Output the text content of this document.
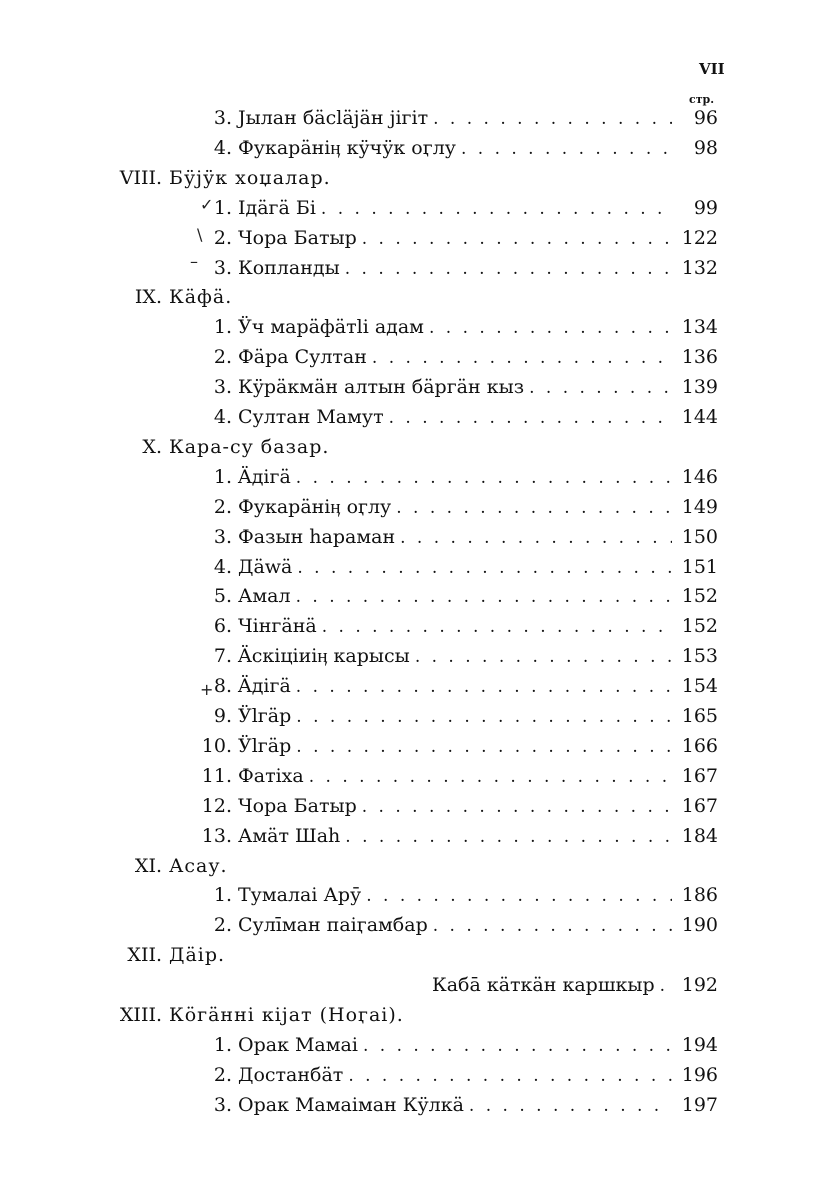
VII
стр.
3. Јылан бäсläјäн jiгiт . . .	96
4. Фукарäніӊ кӱчӱк оӷлу . . .	98
VIII. Бӱјӱк хоџалар.
1. Ідäгä Бі . . .	99
2. Чора Батыр . . .	122
3. Копланды . . .	132
IX. Кäфä.
1. Ӱч марäфäтlі адам . . .	134
2. Фäра Султан . . .	136
3. Кӱрäкмäн алтын бäргäн кыз . . .	139
4. Султан Мамут . . .	144
X. Кара-су базар.
1. Äдігä . . .	146
2. Фукарäніӊ оӷлу . . .	149
3. Фазын һараман . . .	150
4. Дäwä . . .	151
5. Амал . . .	152
6. Чінгäнä . . .	152
7. Äскіціиіӊ карысы . . .	153
8. Äдігä . . .	154
9. Ӱlгäр . . .	165
10. Ӱlгäр . . .	166
11. Фатіха . . .	167
12. Чора Батыр . . .	167
13. Амäт Шаһ . . .	184
XI. Асау.
1. Тумалаі Арӯ . . .	186
2. Сулīман паіӷамбар . . .	190
XII. Дäір.
Кабā кäткäн каршкыр . . .	192
XIII. Кöгäнні кіјат (Ноӷаі).
1. Орак Мамаі . . .	194
2. Достанбäт . . .	196
3. Орак Мамаіман Кӱлкä . . .	197
✓
\
–
+
